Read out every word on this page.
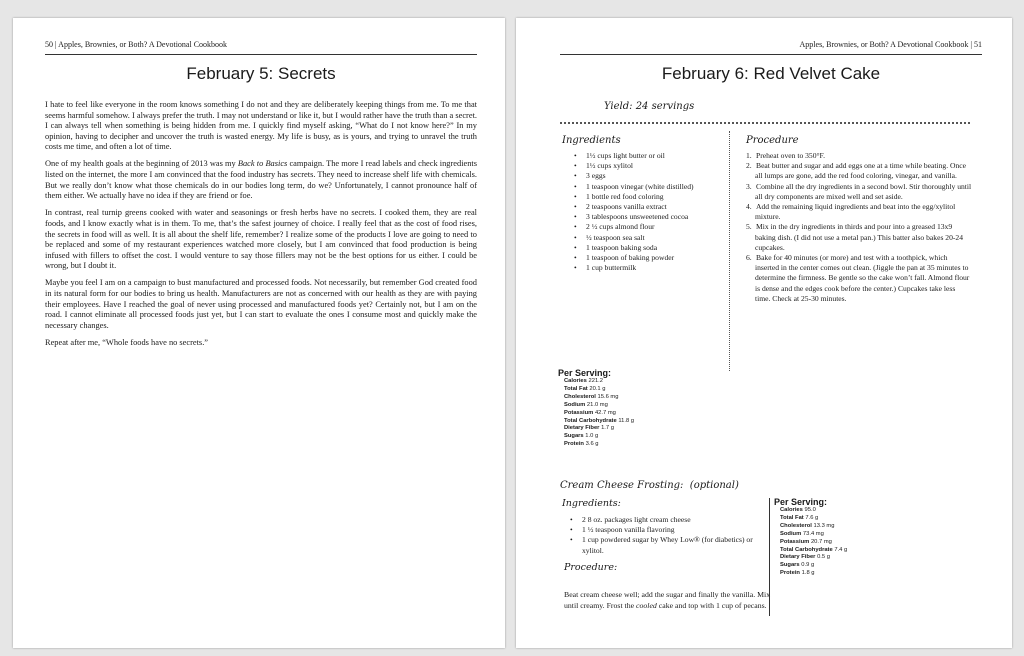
50 | Apples, Brownies, or Both? A Devotional Cookbook
February 5: Secrets

I hate to feel like everyone in the room knows something I do not and they are deliberately keeping things from me. To me that seems harmful somehow. I always prefer the truth. I may not understand or like it, but I would rather have the truth than a secret. I can always tell when something is being hidden from me. I quickly find myself asking, “What do I not know here?” In my opinion, having to decipher and uncover the truth is wasted energy. My life is busy, as is yours, and trying to unravel the truth costs me time, and often a lot of time.

One of my health goals at the beginning of 2013 was my Back to Basics campaign. The more I read labels and check ingredients listed on the internet, the more I am convinced that the food industry has secrets. They need to increase shelf life with chemicals. But we really don’t know what those chemicals do in our bodies long term, do we? Unfortunately, I cannot pronounce half of them either. We actually have no idea if they are friend or foe.

In contrast, real turnip greens cooked with water and seasonings or fresh herbs have no secrets. I cooked them, they are real foods, and I know exactly what is in them. To me, that’s the safest journey of choice. I really feel that as the cost of food rises, the secrets in food will as well. It is all about the shelf life, remember? I realize some of the products I love are going to need to be replaced and some of my restaurant experiences watched more closely, but I am convinced that food production is being infused with fillers to offset the cost. I would venture to say those fillers may not be the best options for us either. I could be wrong, but I doubt it.

Maybe you feel I am on a campaign to bust manufactured and processed foods. Not necessarily, but remember God created food in its natural form for our bodies to bring us health. Manufacturers are not as concerned with our health as they are with paying their employees. Have I reached the goal of never using processed and manufactured foods yet? Certainly not, but I am on the road. I cannot eliminate all processed foods just yet, but I can start to evaluate the ones I consume most and quickly make the necessary changes.

Repeat after me, “Whole foods have no secrets.”

Apples, Brownies, or Both? A Devotional Cookbook | 51
February 6: Red Velvet Cake
Yield: 24 servings
Ingredients
• 1½ cups light butter or oil
• 1½ cups xylitol
• 3 eggs
• 1 teaspoon vinegar (white distilled)
• 1 bottle red food coloring
• 2 teaspoons vanilla extract
• 3 tablespoons unsweetened cocoa
• 2 ½ cups almond flour
• ½ teaspoon sea salt
• 1 teaspoon baking soda
• 1 teaspoon of baking powder
• 1 cup buttermilk
Procedure
1. Preheat oven to 350°F.
2. Beat butter and sugar and add eggs one at a time while beating. Once all lumps are gone, add the red food coloring, vinegar, and vanilla.
3. Combine all the dry ingredients in a second bowl. Stir thoroughly until all dry components are mixed well and set aside.
4. Add the remaining liquid ingredients and beat into the egg/xylitol mixture.
5. Mix in the dry ingredients in thirds and pour into a greased 13x9 baking dish. (I did not use a metal pan.) This batter also bakes 20-24 cupcakes.
6. Bake for 40 minutes (or more) and test with a toothpick, which inserted in the center comes out clean. (Jiggle the pan at 35 minutes to determine the firmness. Be gentle so the cake won’t fall. Almond flour is dense and the edges cook before the center.) Cupcakes take less time. Check at 25-30 minutes.
Per Serving:
Calories 221.2
Total Fat 20.1 g
Cholesterol 15.6 mg
Sodium 21.0 mg
Potassium 42.7 mg
Total Carbohydrate 11.8 g
Dietary Fiber 1.7 g
Sugars 1.0 g
Protein 3.6 g
Cream Cheese Frosting: (optional)
Ingredients:
• 2 8 oz. packages light cream cheese
• 1 ½ teaspoon vanilla flavoring
• 1 cup powdered sugar by Whey Low® (for diabetics) or xylitol.
Procedure:
Beat cream cheese well; add the sugar and finally the vanilla. Mix until creamy. Frost the cooled cake and top with 1 cup of pecans.
Per Serving:
Calories 95.0
Total Fat 7.6 g
Cholesterol 13.3 mg
Sodium 73.4 mg
Potassium 20.7 mg
Total Carbohydrate 7.4 g
Dietary Fiber 0.5 g
Sugars 0.9 g
Protein 1.8 g
